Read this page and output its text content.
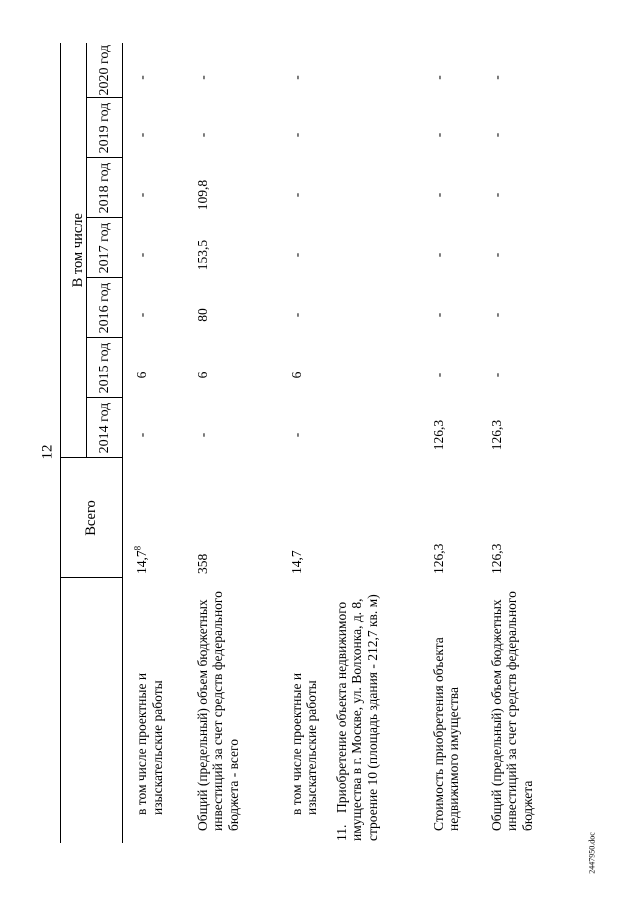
12
	Всего	В том числе						
		2014 год	2015 год	2016 год	2017 год	2018 год	2019 год	2020 год
в том числе проектные и изыскательские работы	14,7$^8$	-	6	-	-	-	-	-
Общий (предельный) объем бюджетных инвестиций за счет средств федерального бюджета - всего	358	-	6	80	153,5	109,8	-	-
в том числе проектные и изыскательские работы	14,7	-	6	-	-	-	-	-
11.Приобретение объекта недвижимого имущества в г. Москве, ул. Волхонка, д. 8, строение 10 (площадь здания - 212,7 кв. м)								
Стоимость приобретения объекта недвижимого имущества	126,3	126,3	-	-	-	-	-	-
Общий (предельный) объем бюджетных инвестиций за счет средств федерального бюджета	126,3	126,3	-	-	-	-	-	-
2447950.doc
